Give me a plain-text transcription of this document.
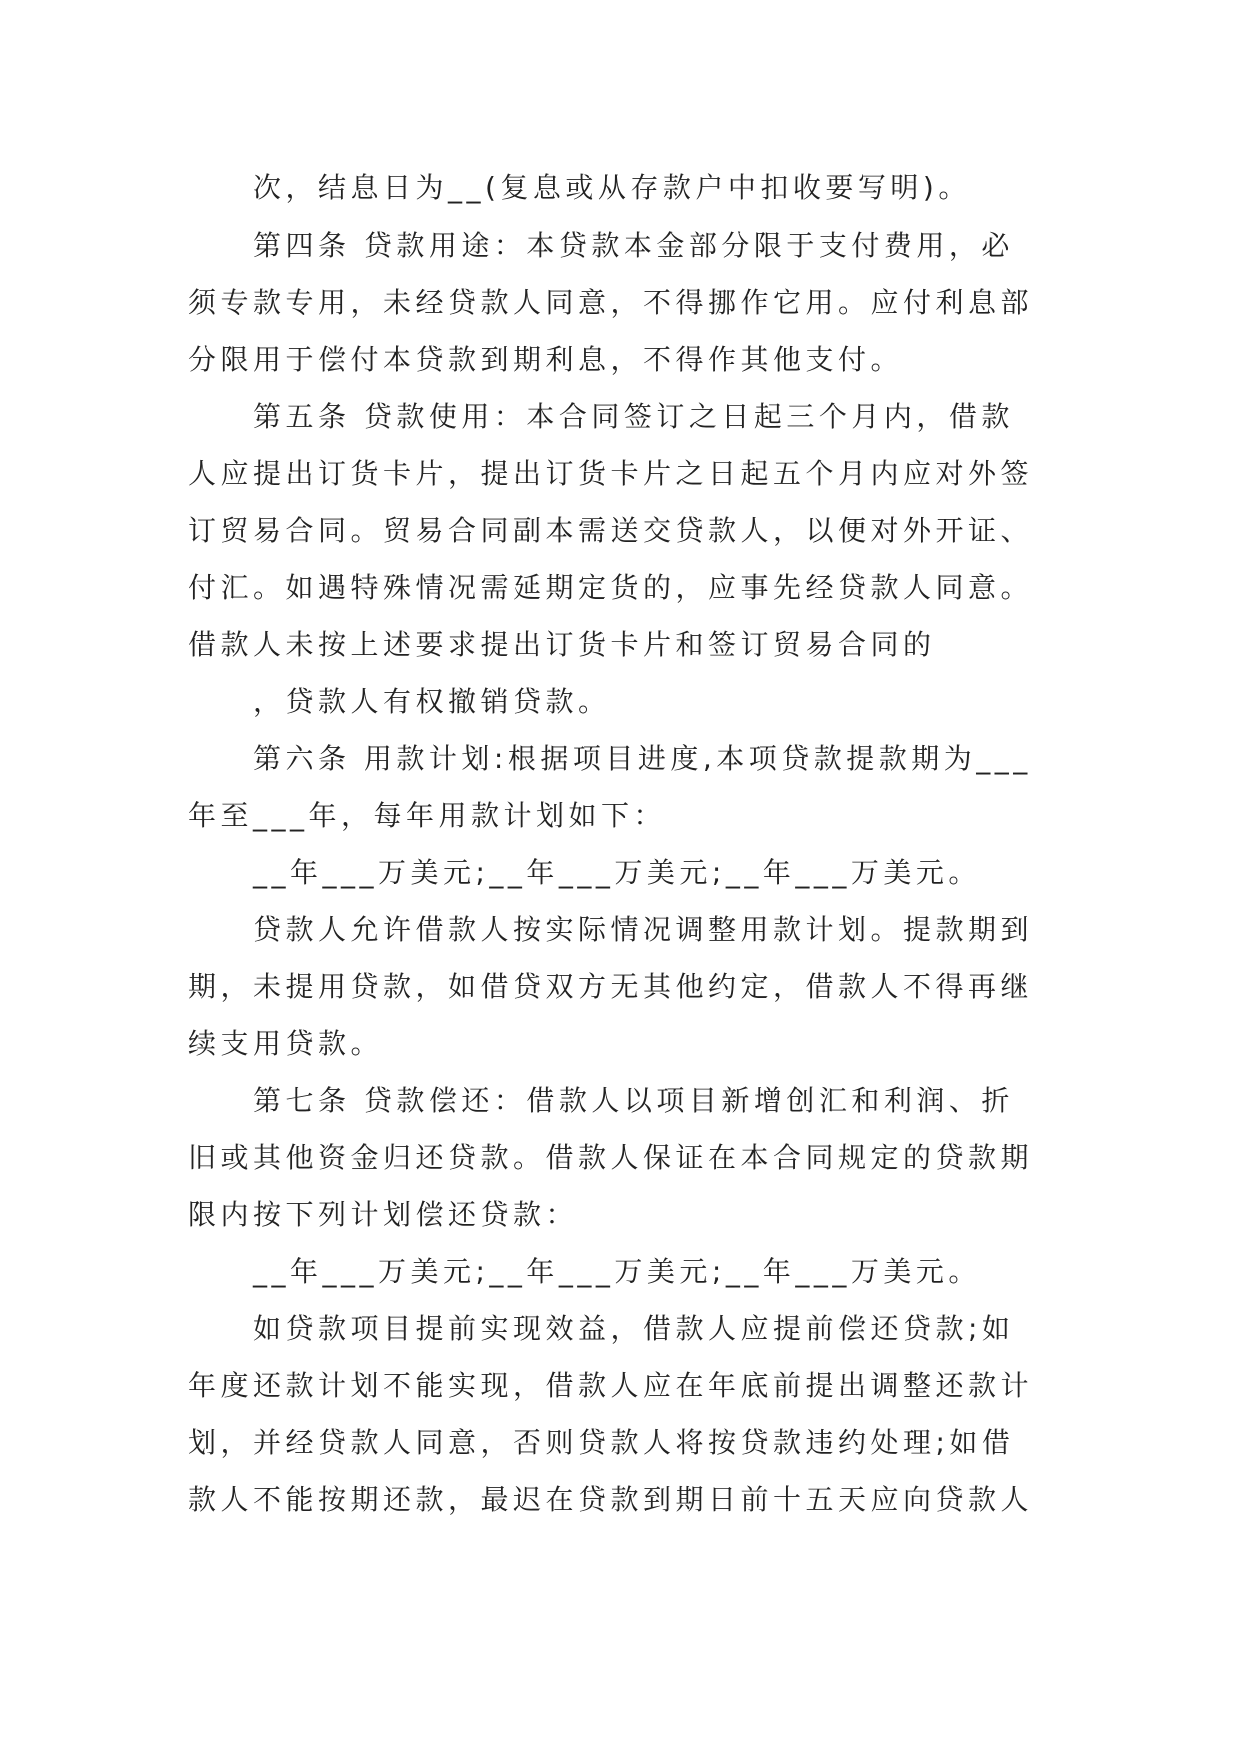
次，结息日为__(复息或从存款户中扣收要写明)。
第四条 贷款用途：本贷款本金部分限于支付费用，必
须专款专用，未经贷款人同意，不得挪作它用。应付利息部
分限用于偿付本贷款到期利息，不得作其他支付。
第五条 贷款使用：本合同签订之日起三个月内，借款
人应提出订货卡片，提出订货卡片之日起五个月内应对外签
订贸易合同。贸易合同副本需送交贷款人，以便对外开证、
付汇。如遇特殊情况需延期定货的，应事先经贷款人同意。
借款人未按上述要求提出订货卡片和签订贸易合同的
，贷款人有权撤销贷款。
第六条 用款计划:根据项目进度,本项贷款提款期为___
年至___年，每年用款计划如下：
__年___万美元;__年___万美元;__年___万美元。
贷款人允许借款人按实际情况调整用款计划。提款期到
期，未提用贷款，如借贷双方无其他约定，借款人不得再继
续支用贷款。
第七条 贷款偿还：借款人以项目新增创汇和利润、折
旧或其他资金归还贷款。借款人保证在本合同规定的贷款期
限内按下列计划偿还贷款：
__年___万美元;__年___万美元;__年___万美元。
如贷款项目提前实现效益，借款人应提前偿还贷款;如
年度还款计划不能实现，借款人应在年底前提出调整还款计
划，并经贷款人同意，否则贷款人将按贷款违约处理;如借
款人不能按期还款，最迟在贷款到期日前十五天应向贷款人
